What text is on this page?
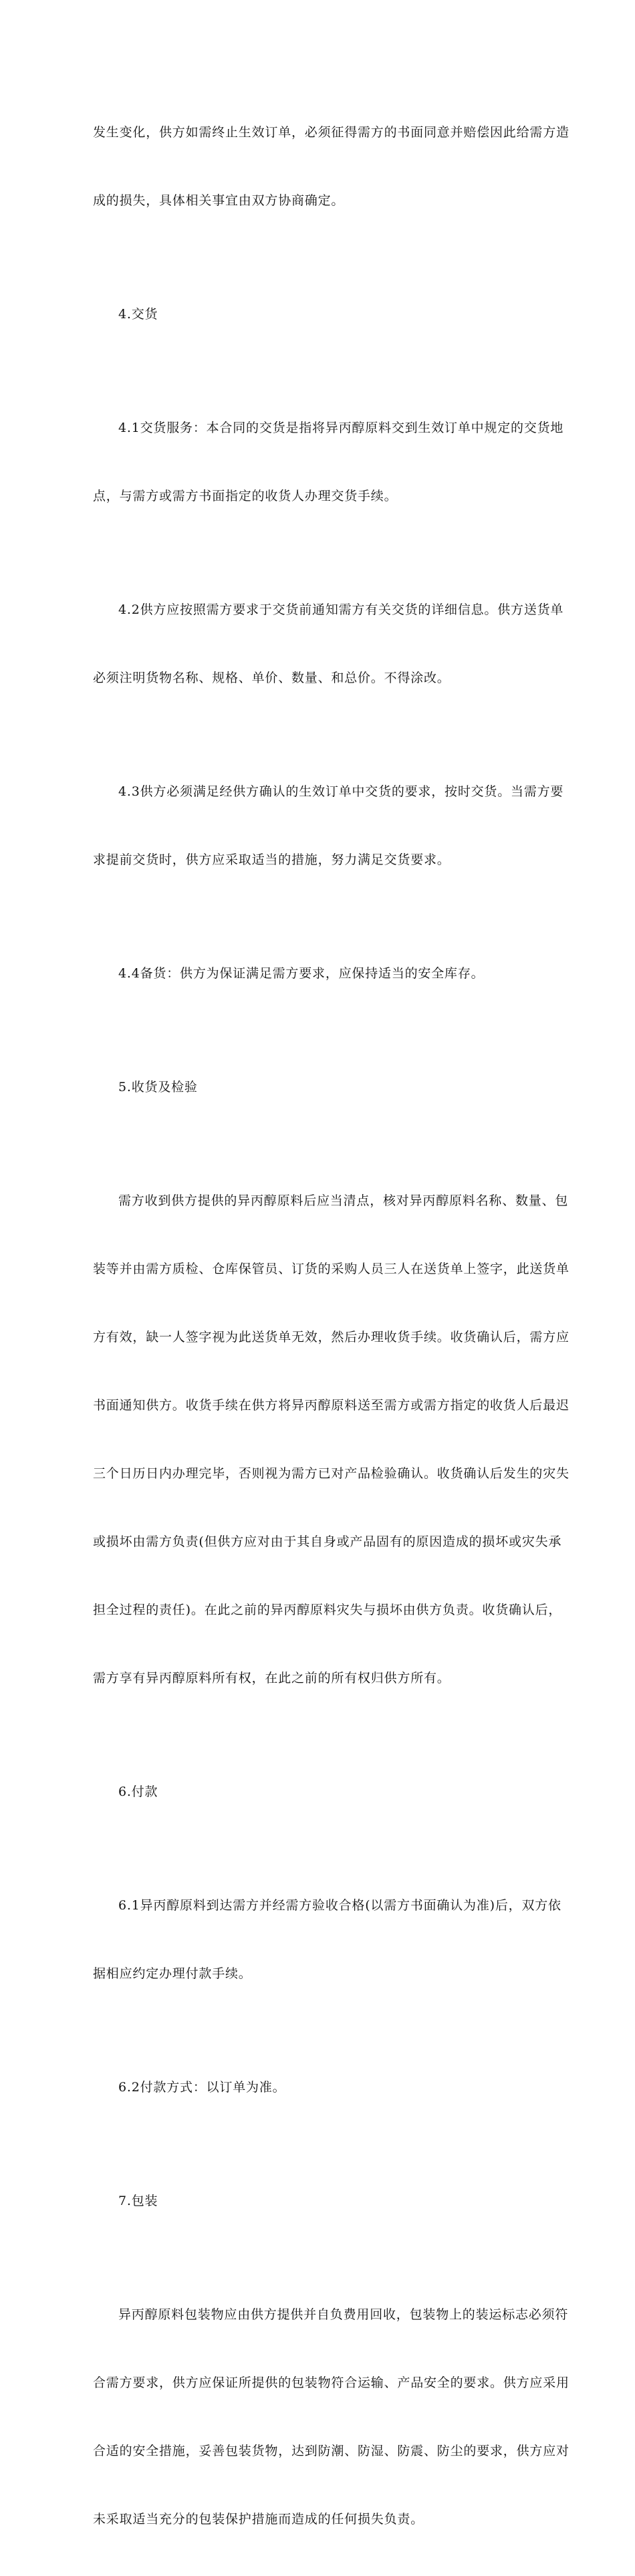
发生变化，供方如需终止生效订单，必须征得需方的书面同意并赔偿因此给需方造

成的损失，具体相关事宜由双方协商确定。

4.交货

4.1交货服务：本合同的交货是指将异丙醇原料交到生效订单中规定的交货地

点，与需方或需方书面指定的收货人办理交货手续。

4.2供方应按照需方要求于交货前通知需方有关交货的详细信息。供方送货单

必须注明货物名称、规格、单价、数量、和总价。不得涂改。

4.3供方必须满足经供方确认的生效订单中交货的要求，按时交货。当需方要

求提前交货时，供方应采取适当的措施，努力满足交货要求。

4.4备货：供方为保证满足需方要求，应保持适当的安全库存。

5.收货及检验

需方收到供方提供的异丙醇原料后应当清点，核对异丙醇原料名称、数量、包

装等并由需方质检、仓库保管员、订货的采购人员三人在送货单上签字，此送货单

方有效，缺一人签字视为此送货单无效，然后办理收货手续。收货确认后，需方应

书面通知供方。收货手续在供方将异丙醇原料送至需方或需方指定的收货人后最迟

三个日历日内办理完毕，否则视为需方已对产品检验确认。收货确认后发生的灾失

或损坏由需方负责(但供方应对由于其自身或产品固有的原因造成的损坏或灾失承

担全过程的责任)。在此之前的异丙醇原料灾失与损坏由供方负责。收货确认后，

需方享有异丙醇原料所有权，在此之前的所有权归供方所有。

6.付款

6.1异丙醇原料到达需方并经需方验收合格(以需方书面确认为准)后，双方依

据相应约定办理付款手续。

6.2付款方式：以订单为准。

7.包装

异丙醇原料包装物应由供方提供并自负费用回收，包装物上的装运标志必须符

合需方要求，供方应保证所提供的包装物符合运输、产品安全的要求。供方应采用

合适的安全措施，妥善包装货物，达到防潮、防湿、防震、防尘的要求，供方应对

未采取适当充分的包装保护措施而造成的任何损失负责。
